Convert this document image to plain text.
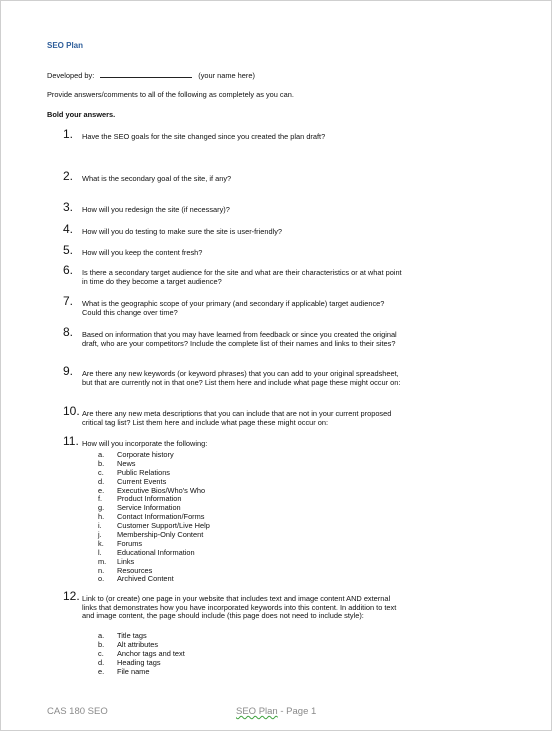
SEO Plan
Developed by:	(your name here)
Provide answers/comments to all of the following as completely as you can.
Bold your answers.
1. Have the SEO goals for the site changed since you created the plan draft?
2. What is the secondary goal of the site, if any?
3. How will you redesign the site (if necessary)?
4. How will you do testing to make sure the site is user-friendly?
5. How will you keep the content fresh?
6. Is there a secondary target audience for the site and what are their characteristics or at what point in time do they become a target audience?
7. What is the geographic scope of your primary (and secondary if applicable) target audience? Could this change over time?
8. Based on information that you may have learned from feedback or since you created the original draft, who are your competitors? Include the complete list of their names and links to their sites?
9. Are there any new keywords (or keyword phrases) that you can add to your original spreadsheet, but that are currently not in that one? List them here and include what page these might occur on:
10. Are there any new meta descriptions that you can include that are not in your current proposed critical tag list? List them here and include what page these might occur on:
11. How will you incorporate the following:
a. Corporate history
b. News
c. Public Relations
d. Current Events
e. Executive Bios/Who's Who
f. Product Information
g. Service Information
h. Contact Information/Forms
i. Customer Support/Live Help
j. Membership-Only Content
k. Forums
l. Educational Information
m. Links
n. Resources
o. Archived Content
12. Link to (or create) one page in your website that includes text and image content AND external links that demonstrates how you have incorporated keywords into this content. In addition to text and image content, the page should include (this page does not need to include style):
a. Title tags
b. Alt attributes
c. Anchor tags and text
d. Heading tags
e. File name
CAS 180 SEO	SEO Plan - Page 1
